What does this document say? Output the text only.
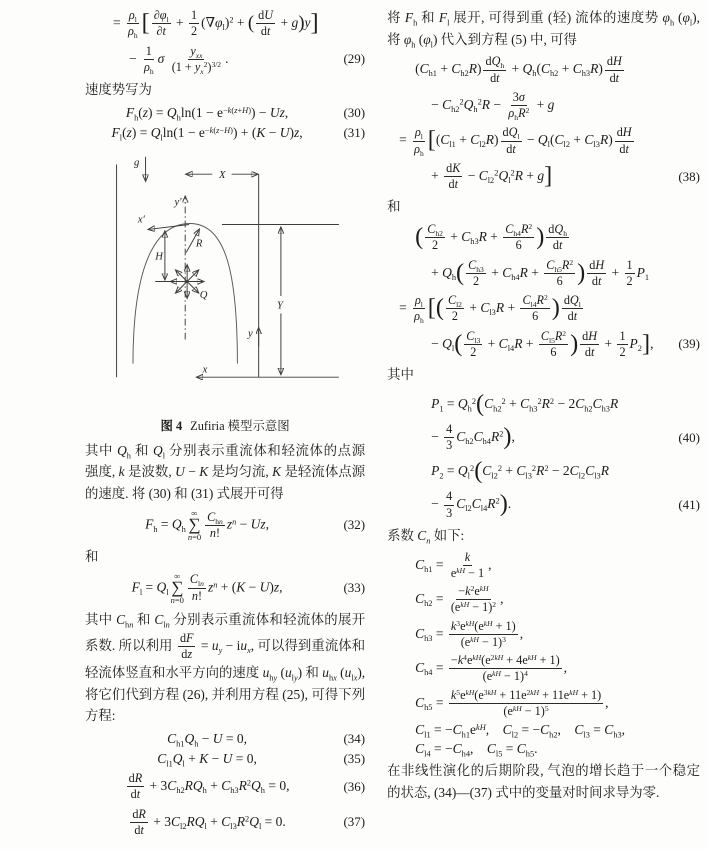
= $\frac{\rho_l}{\rho_h}$ [ $\frac{\partial\varphi_l}{\partial t} + \frac{1}{2} (\nabla\varphi_l)^2$ + ( $\frac{dU}{dt} + g)y$]
− $\frac{1}{\rho_h}$ σ $y_{xx}$
$(1 + y_x^2)^{3/2}$ .	(29)

速度势写为

$F_h(z) = Q_h\ln(1 - e^{-k(z+H)}) - Uz$,	(30)
$F_l(z) = Q_l\ln(1 - e^{-k(z-H)}) + (K - U)z$,	(31)
g
X
y′
x′
R
H
Q
y
Y
x
图 4 Zufiria 模型示意图

其中 $Q_h$ 和 $Q_l$ 分别表示重流体和轻流体的点源强度, k 是波数, U − K 是均匀流, K 是轻流体点源的速度. 将 (30) 和 (31) 式展开可得

$F_h = Q_h$
∞
∑
n=0
$C_{hn}$
n!
$z^n - Uz$,	(32)

和

$F_l = Q_l$
∞
∑
$n=0 \frac{C_{ln}}{n!} z^n + (K - U)z$,	(33)

其中 $C_{hn}$ 和 $C_{ln}$ 分别表示重流体和轻流体的展开系数. 所以利用 $\frac{dF}{dz} = u_y - iu_x$, 可以得到重流体和轻流体竖直和水平方向的速度 $u_{hy}$ $(u_{ly})$ 和 $u_{hx}$ $(u_{lx})$, 将它们代到方程 (26), 并利用方程 (25), 可得下列方程:

$C_{h1}Q_h - U = 0$,	(34)
$C_{l1}Q_l + K - U = 0$,	(35)
$\frac{dR}{dt} + 3C_{h2}RQ_h + C_{h3}R^2Q_h = 0$,	(36)
$\frac{dR}{dt} + 3C_{l2}RQ_l + C_{l3}R^2Q_l = 0$.	(37)

将 $F_h$ 和 $F_l$ 展开, 可得到重 (轻) 流体的速度势 $\varphi_h$ $(\varphi_l)$, 将 $\varphi_h$ $(\varphi_l)$ 代入到方程 (5) 中, 可得

$(C_{h1} + C_{h2}R)$ $dQ_h$
dt
+ $Q_h(C_{h2} + C_{h3}R) \frac{dH}{dt}$
− $C_{h2}^2Q_h^2R - 3\sigma$
$\rho_hR^2 + g$
= $\frac{\rho_l}{\rho_h} [(C_{l1} + C_{l2}R)$ $dQ_l$
dt
− $Q_l(C_{l2} + C_{l3}R) \frac{dH}{dt}$
+ $\frac{dK}{dt} - C_{l2}^2Q_l^2R + g$]	(38)

和

( $\frac{C_{h2}}{2} + C_{h3}R + \frac{C_{h4}R^2}{6}$ ) $dQ_h$
dt
+ $Q_h( \frac{C_{h3}}{2} + C_{h4}R + \frac{C_{h5}R^2}{6}$ ) $\frac{dH}{dt} + \frac{1}{2} P_1$
= $\frac{\rho_l}{\rho_h}$ [( $\frac{C_{l2}}{2} + C_{l3}R + \frac{C_{l4}R^2}{6}$ ) $dQ_l$
dt
− $Q_l( \frac{C_{l3}}{2} + C_{l4}R + \frac{C_{l5}R^2}{6}$ ) $\frac{dH}{dt} + \frac{1}{2} P_2$],	(39)

其中

$P_1 = Q_h^2(C_{h2}^2 + C_{h3}^2R^2 - 2C_{h2}C_{h3}R$
− $\frac{4}{3} C_{h2}C_{h4}R^2$),	(40)
$P_2 = Q_l^2(C_{l2}^2 + C_{l3}^2R^2 - 2C_{l2}C_{l3}R$
− $\frac{4}{3} C_{l2}C_{l4}R^2$).	(41)

系数 $C_n$ 如下:

$C_{h1} = k$
$e^{kH} - 1$
,
$C_{h2} = -k^2e^{kH}$
$(e^{kH} - 1)^2$ ,
$C_{h3} = k^3e^{kH}(e^{kH} + 1)$
$(e^{kH} - 1)^3$ ,
$C_{h4} = -k^4e^{kH}(e^{2kH} + 4e^{kH} + 1)$
$(e^{kH} - 1)^4$	,
$C_{h5} = k^5e^{kH}(e^{3kH} + 11e^{2kH} + 11e^{kH} + 1)$
$(e^{kH} - 1)^5$	,
$C_{l1} = -C_{h1}e^{kH}$,    $C_{l2} = -C_{h2}$,    $C_{l3} = C_{h3}$,
$C_{l4} = -C_{h4}$,    $C_{l5} = C_{h5}$.

在非线性演化的后期阶段, 气泡的增长趋于一个稳定的状态, (34)—(37) 式中的变量对时间求导为零.
